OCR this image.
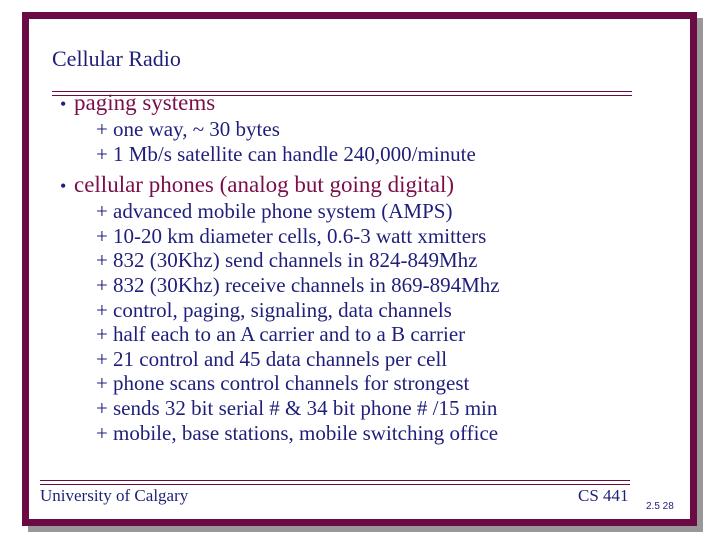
Cellular Radio
• paging systems
+ one way, ~ 30 bytes
+ 1 Mb/s satellite can handle 240,000/minute
• cellular phones (analog but going digital)
+ advanced mobile phone system (AMPS)
+ 10-20 km diameter cells, 0.6-3 watt xmitters
+ 832 (30Khz) send channels in 824-849Mhz
+ 832 (30Khz) receive channels in 869-894Mhz
+ control, paging, signaling, data channels
+ half each to an A carrier and to a B carrier
+ 21 control and 45 data channels per cell
+ phone scans control channels for strongest
+ sends 32 bit serial # & 34 bit phone # /15 min
+ mobile, base stations, mobile switching office
University of Calgary	CS 441
2.5 28
